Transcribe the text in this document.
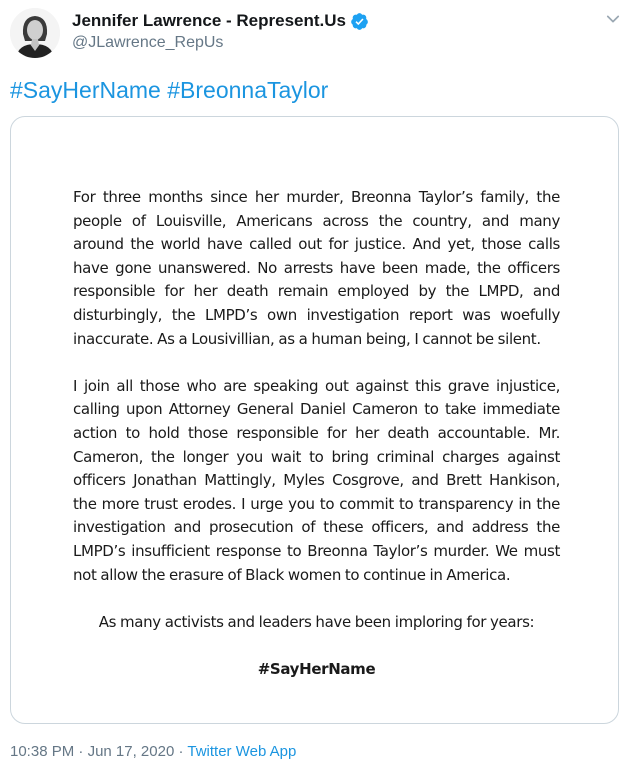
Jennifer Lawrence - Represent.Us
@JLawrence_RepUs
#SayHerName #BreonnaTaylor

For three months since her murder, Breonna Taylor’s family, the people of Louisville, Americans across the country, and many around the world have called out for justice. And yet, those calls have gone unanswered. No arrests have been made, the officers responsible for her death remain employed by the LMPD, and disturbingly, the LMPD’s own investigation report was woefully inaccurate. As a Lousivillian, as a human being, I cannot be silent.

I join all those who are speaking out against this grave injustice, calling upon Attorney General Daniel Cameron to take immediate action to hold those responsible for her death accountable. Mr. Cameron, the longer you wait to bring criminal charges against officers Jonathan Mattingly, Myles Cosgrove, and Brett Hankison, the more trust erodes. I urge you to commit to transparency in the investigation and prosecution of these officers, and address the LMPD’s insufficient response to Breonna Taylor’s murder. We must not allow the erasure of Black women to continue in America.

As many activists and leaders have been imploring for years:

#SayHerName

10:38 PM · Jun 17, 2020 · Twitter Web App
